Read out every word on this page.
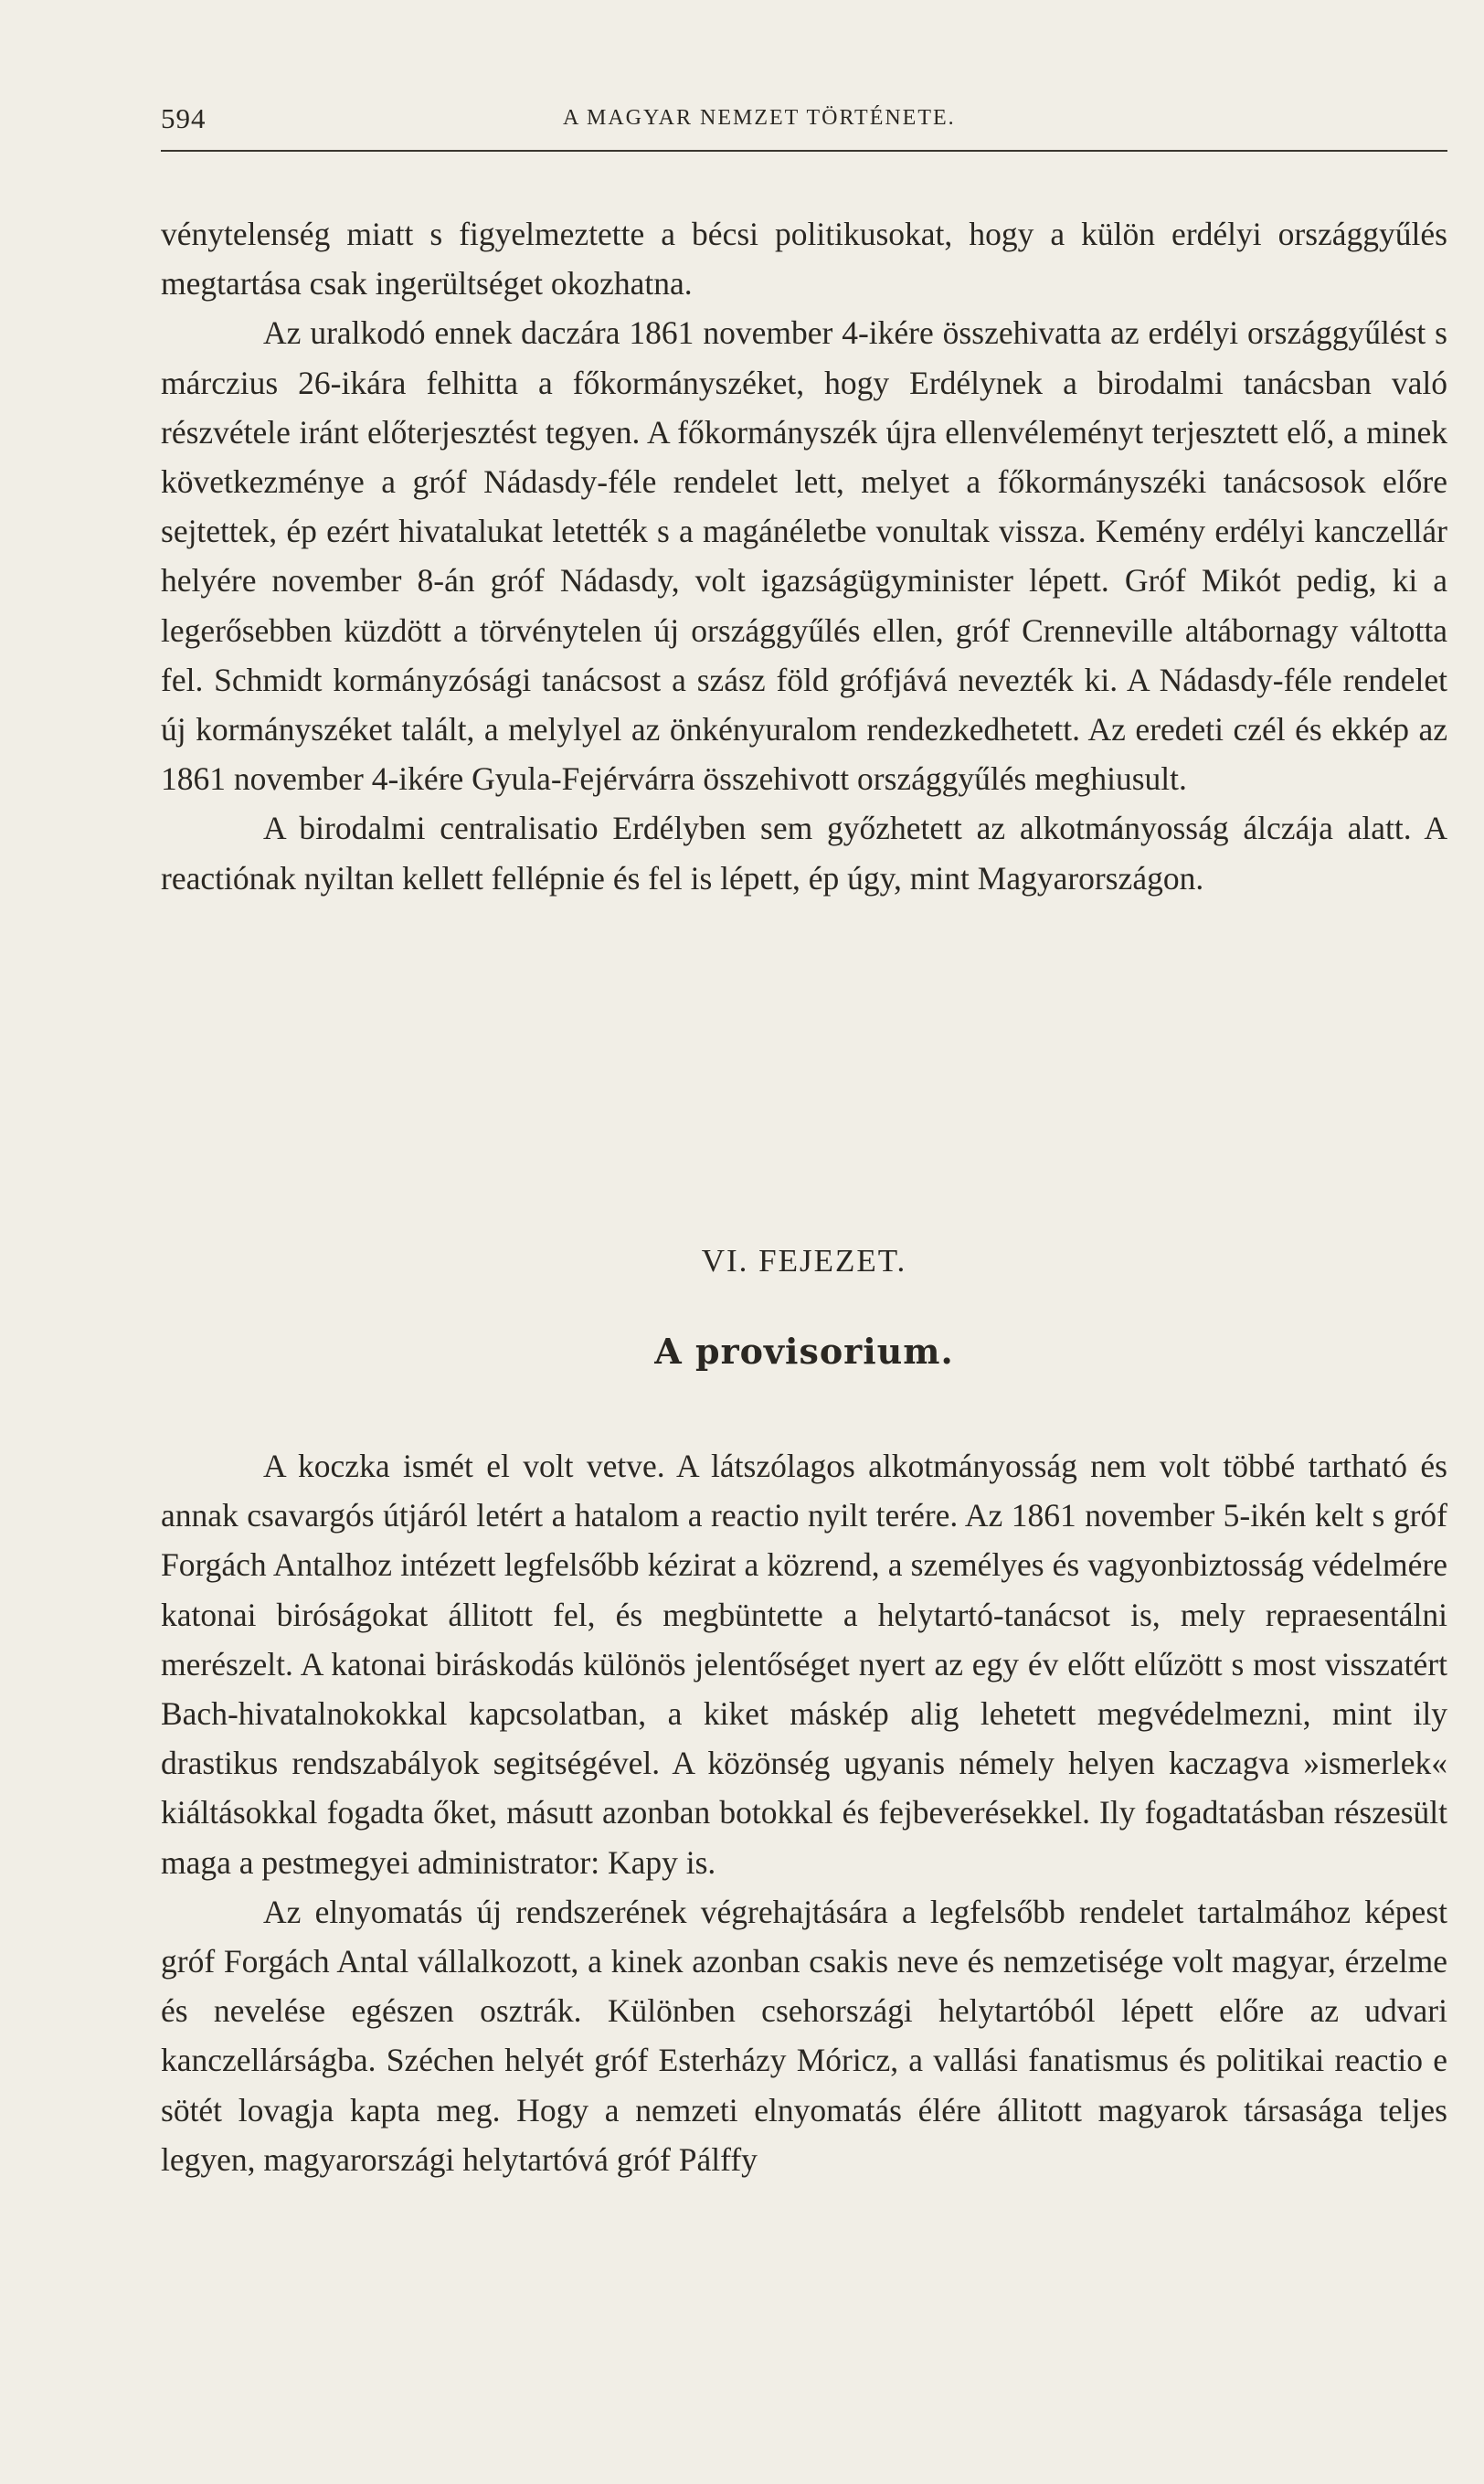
594	A MAGYAR NEMZET TÖRTÉNETE.

vénytelenség miatt s figyelmeztette a bécsi politikusokat, hogy a külön erdélyi országgyűlés megtartása csak ingerültséget okozhatna.

Az uralkodó ennek daczára 1861 november 4-ikére összehivatta az erdélyi országgyűlést s márczius 26-ikára felhitta a főkormányszéket, hogy Erdélynek a birodalmi tanácsban való részvétele iránt előterjesztést tegyen. A főkormányszék újra ellenvéleményt terjesztett elő, a minek következménye a gróf Nádasdy-féle rendelet lett, melyet a főkormányszéki tanácsosok előre sejtettek, ép ezért hivatalukat letették s a magánéletbe vonultak vissza. Kemény erdélyi kanczellár helyére november 8-án gróf Nádasdy, volt igazságügyminister lépett. Gróf Mikót pedig, ki a legerősebben küzdött a törvénytelen új országgyűlés ellen, gróf Crenneville altábornagy váltotta fel. Schmidt kormányzósági tanácsost a szász föld grófjává nevezték ki. A Nádasdy-féle rendelet új kormányszéket talált, a melylyel az önkényuralom rendezkedhetett. Az eredeti czél és ekkép az 1861 november 4-ikére Gyula-Fejérvárra összehivott országgyűlés meghiusult.

A birodalmi centralisatio Erdélyben sem győzhetett az alkotmányosság álczája alatt. A reactiónak nyiltan kellett fellépnie és fel is lépett, ép úgy, mint Magyarországon.

VI. FEJEZET.
A provisorium.

A koczka ismét el volt vetve. A látszólagos alkotmányosság nem volt többé tartható és annak csavargós útjáról letért a hatalom a reactio nyilt terére. Az 1861 november 5-ikén kelt s gróf Forgách Antalhoz intézett legfelsőbb kézirat a közrend, a személyes és vagyonbiztosság védelmére katonai biróságokat állitott fel, és megbüntette a helytartó-tanácsot is, mely repraesentálni merészelt. A katonai biráskodás különös jelentőséget nyert az egy év előtt elűzött s most visszatért Bach-hivatalnokokkal kapcsolatban, a kiket máskép alig lehetett megvédelmezni, mint ily drastikus rendszabályok segitségével. A közönség ugyanis némely helyen kaczagva »ismerlek« kiáltásokkal fogadta őket, másutt azonban botokkal és fejbeverésekkel. Ily fogadtatásban részesült maga a pestmegyei administrator: Kapy is.

Az elnyomatás új rendszerének végrehajtására a legfelsőbb rendelet tartalmához képest gróf Forgách Antal vállalkozott, a kinek azonban csakis neve és nemzetisége volt magyar, érzelme és nevelése egészen osztrák. Különben csehországi helytartóból lépett előre az udvari kanczellárságba. Széchen helyét gróf Esterházy Móricz, a vallási fanatismus és politikai reactio e sötét lovagja kapta meg. Hogy a nemzeti elnyomatás élére állitott magyarok társasága teljes legyen, magyarországi helytartóvá gróf Pálffy
